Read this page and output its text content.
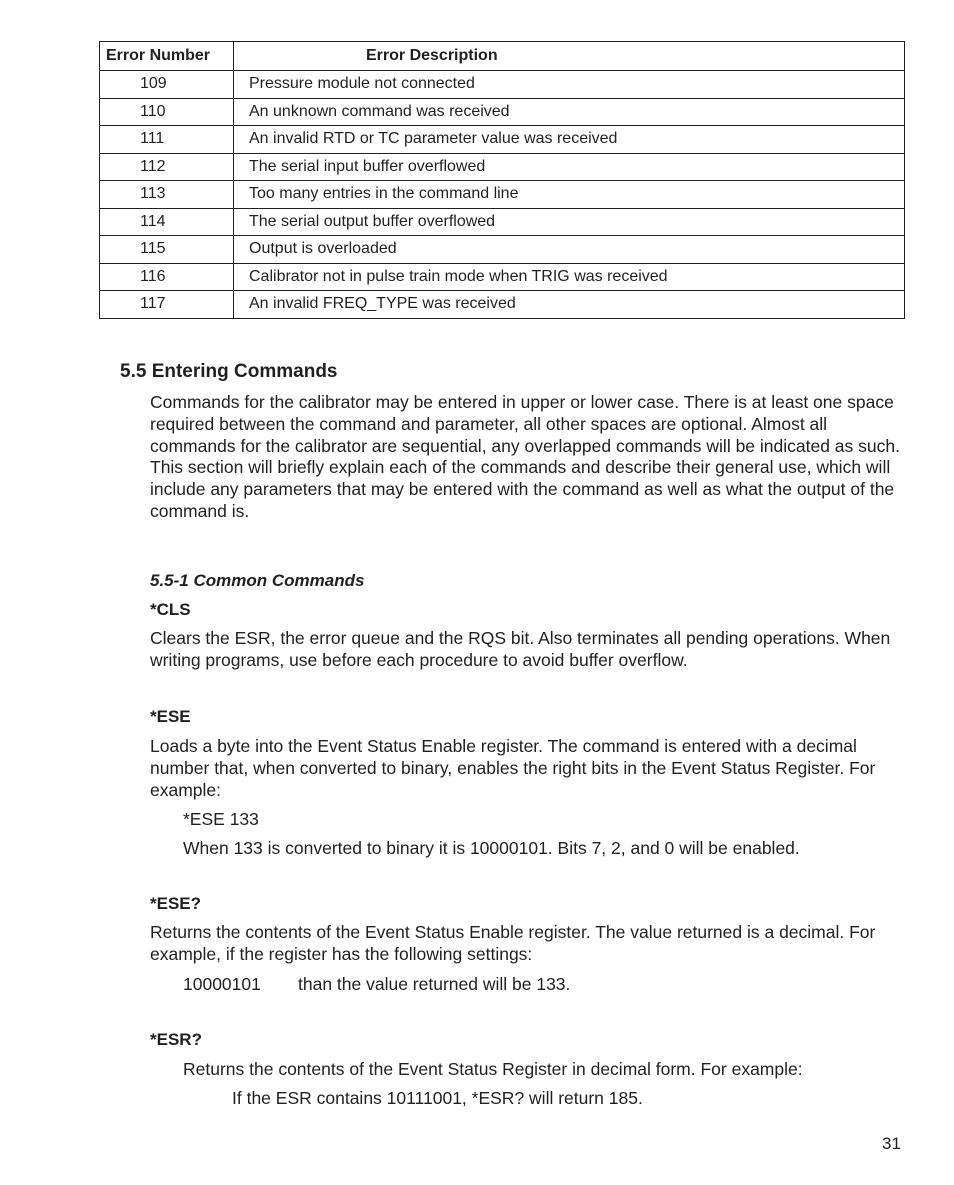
Error Number	Error Description
109	Pressure module not connected
110	An unknown command was received
111	An invalid RTD or TC parameter value was received
112	The serial input buffer overflowed
113	Too many entries in the command line
114	The serial output buffer overflowed
115	Output is overloaded
116	Calibrator not in pulse train mode when TRIG was received
117	An invalid FREQ_TYPE was received
5.5 Entering Commands
Commands for the calibrator may be entered in upper or lower case. There is at least one space required between the command and parameter, all other spaces are optional. Almost all commands for the calibrator are sequential, any overlapped commands will be indicated as such. This section will briefly explain each of the commands and describe their general use, which will include any parameters that may be entered with the command as well as what the output of the command is.
5.5-1 Common Commands
*CLS
Clears the ESR, the error queue and the RQS bit. Also terminates all pending operations. When writing programs, use before each procedure to avoid buffer overflow.
*ESE
Loads a byte into the Event Status Enable register. The command is entered with a decimal number that, when converted to binary, enables the right bits in the Event Status Register. For example:
*ESE 133
When 133 is converted to binary it is 10000101. Bits 7, 2, and 0 will be enabled.
*ESE?
Returns the contents of the Event Status Enable register. The value returned is a decimal. For example, if the register has the following settings:
10000101 than the value returned will be 133.
*ESR?
Returns the contents of the Event Status Register in decimal form. For example:
If the ESR contains 10111001, *ESR? will return 185.
31
